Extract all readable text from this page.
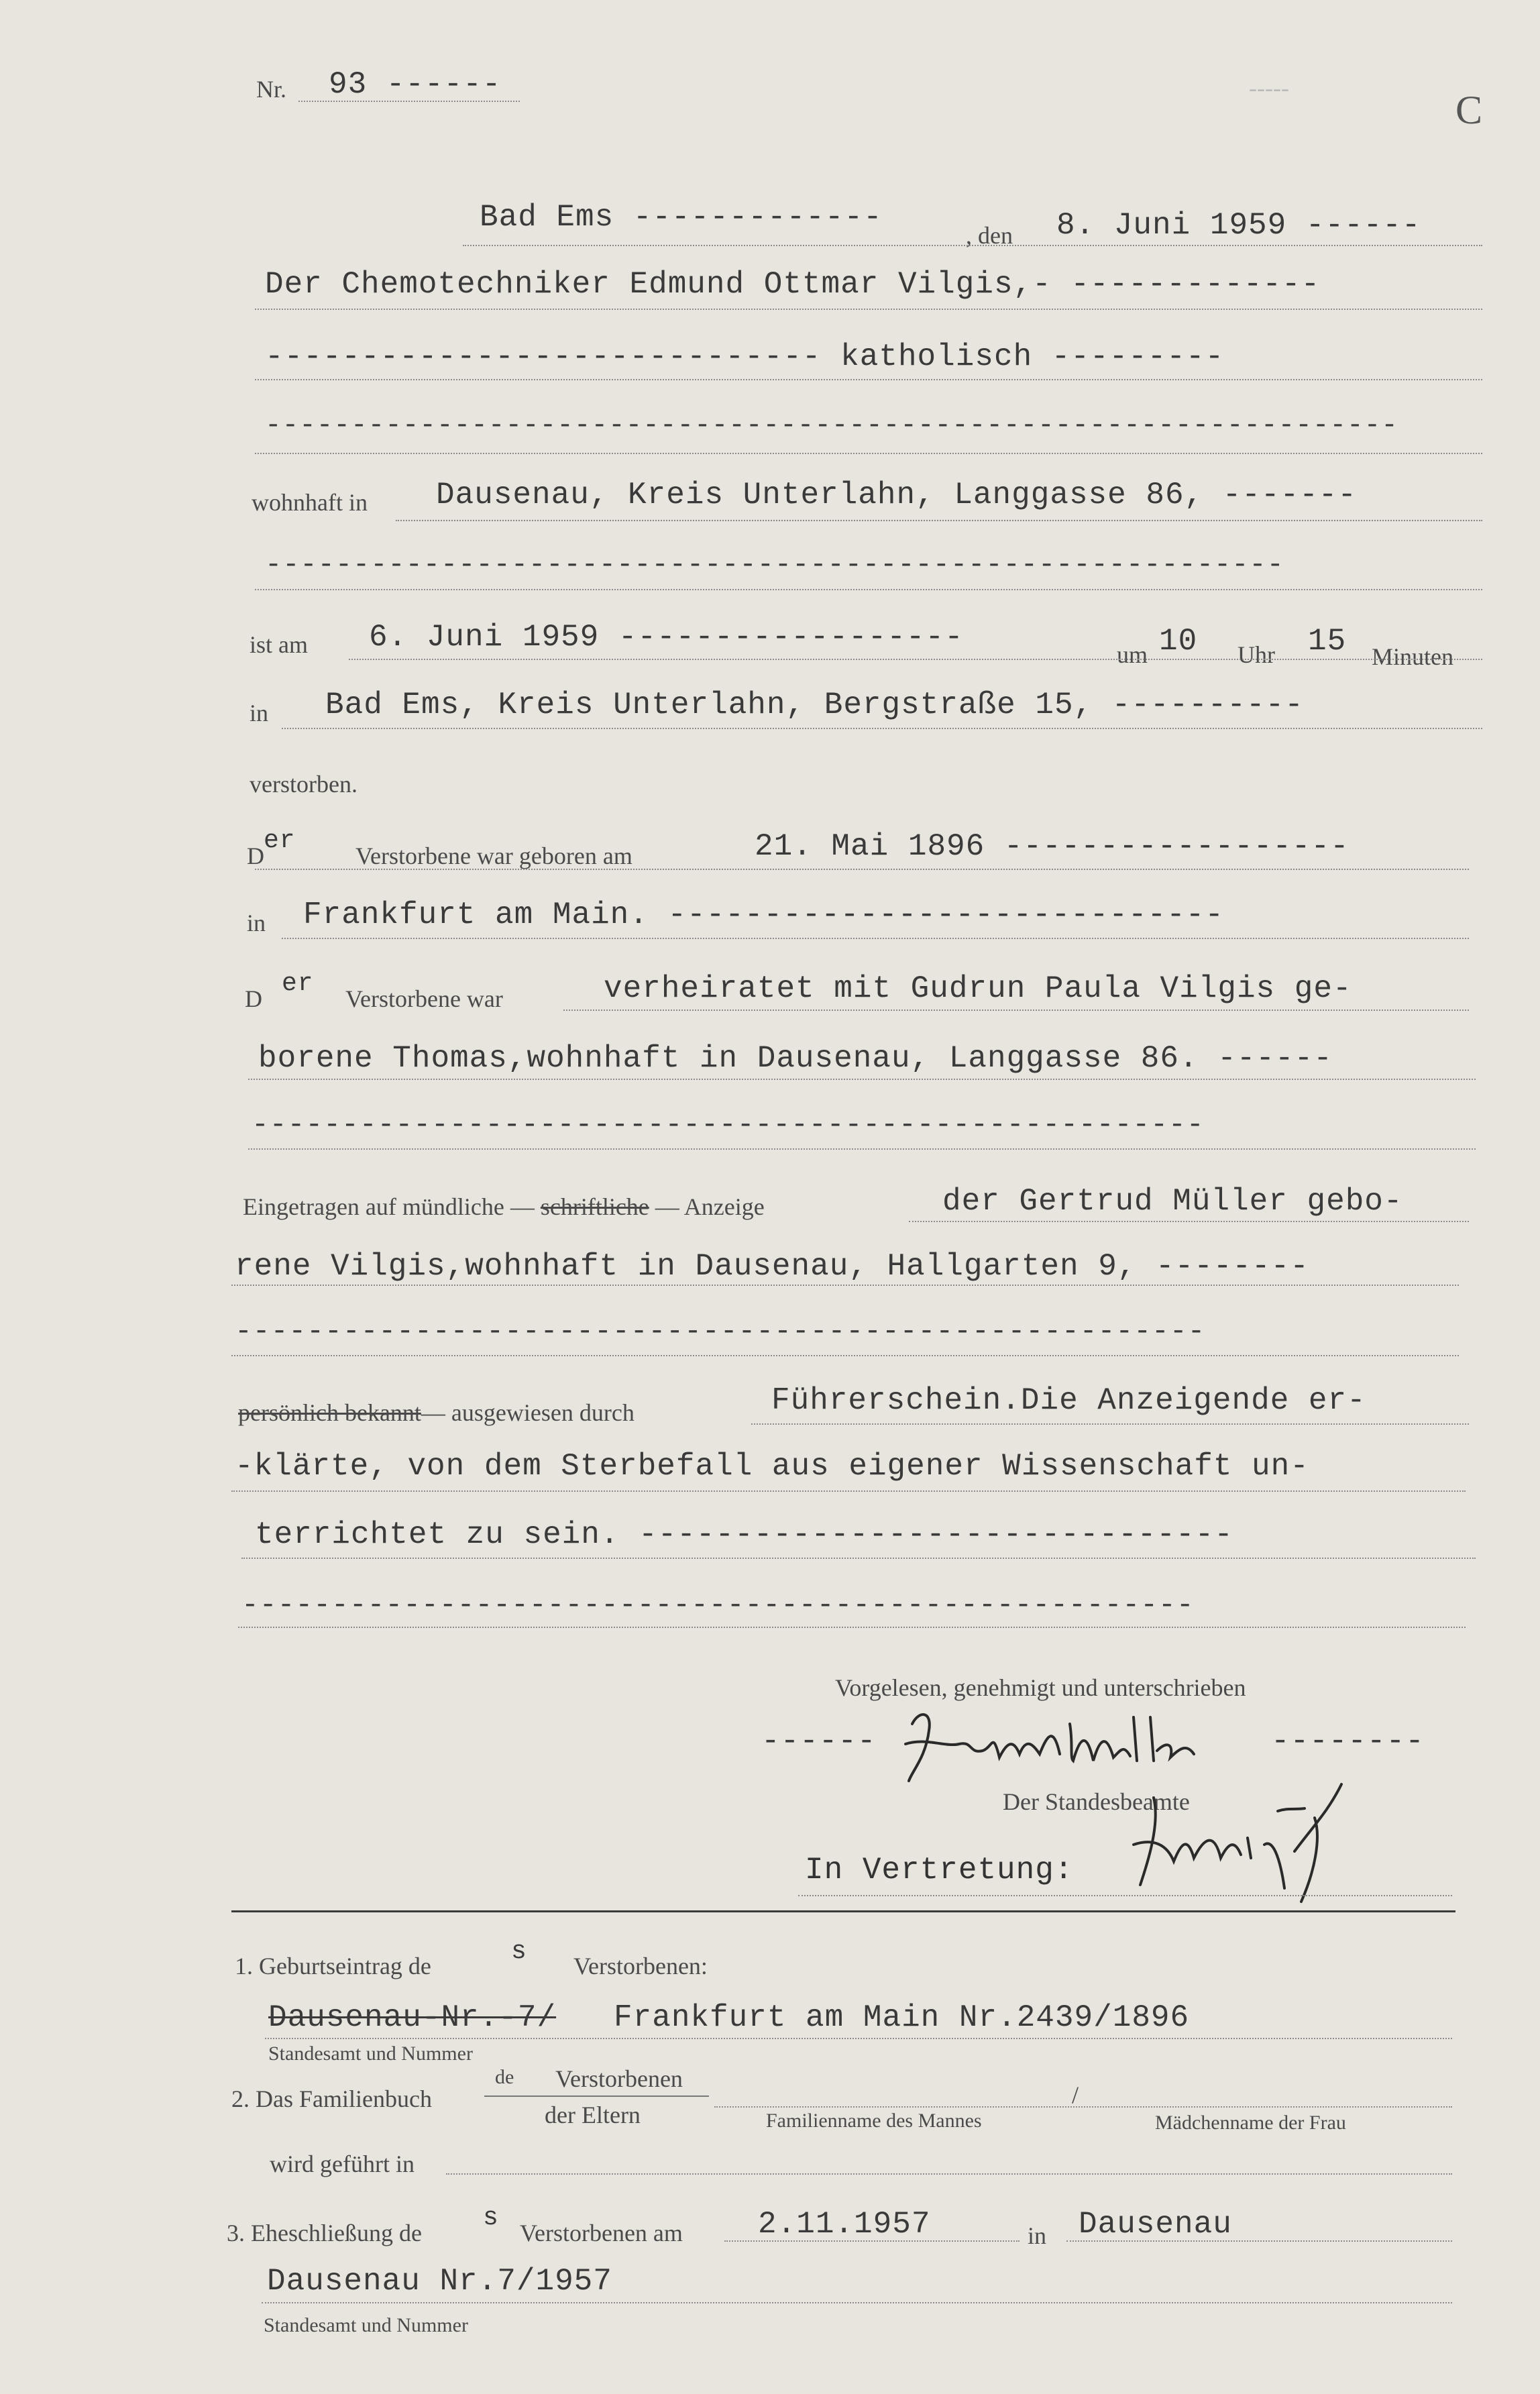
Nr. 93 ------	-----	C
Bad Ems -------------
, den 8. Juni 1959 ------
Der Chemotechniker Edmund Ottmar Vilgis,- -------------
----------------------------- katholisch ---------
------------------------------------------------------------------
wohnhaft in Dausenau, Kreis Unterlahn, Langgasse 86, -------
----------------------------------------------------------
ist am 6. Juni 1959 ------------------	um 10 Uhr 15 Minuten
in Bad Ems, Kreis Unterlahn, Bergstraße 15, ----------
verstorben.
D
er
Verstorbene war geboren am	21. Mai 1896 ------------------
in Frankfurt am Main. -----------------------------
D
er
Verstorbene war	verheiratet mit Gudrun Paula Vilgis ge-
borene Thomas,wohnhaft in Dausenau, Langgasse 86. ------
-----------------------------------------------------
Eingetragen auf mündliche — schriftliche — Anzeige	der Gertrud Müller gebo-
rene Vilgis,wohnhaft in Dausenau, Hallgarten 9, --------
------------------------------------------------------
persönlich bekannt— ausgewiesen durch	Führerschein.Die Anzeigende er-
-klärte, von dem Sterbefall aus eigener Wissenschaft un-
terrichtet zu sein. -------------------------------
-----------------------------------------------------
Vorgelesen, genehmigt und unterschrieben
------	--------
Der Standesbeamte
In Vertretung:
1. Geburtseintrag de	s Verstorbenen:
Dausenau-Nr.-7/ Frankfurt am Main Nr.2439/1896
Standesamt und Nummer
2. Das Familienbuch
de Verstorbenen
der Eltern	Familienname des Mannes
/
Mädchenname der Frau
wird geführt in
3. Eheschließung de
s
Verstorbenen am 2.11.1957	in Dausenau
Dausenau Nr.7/1957
Standesamt und Nummer
